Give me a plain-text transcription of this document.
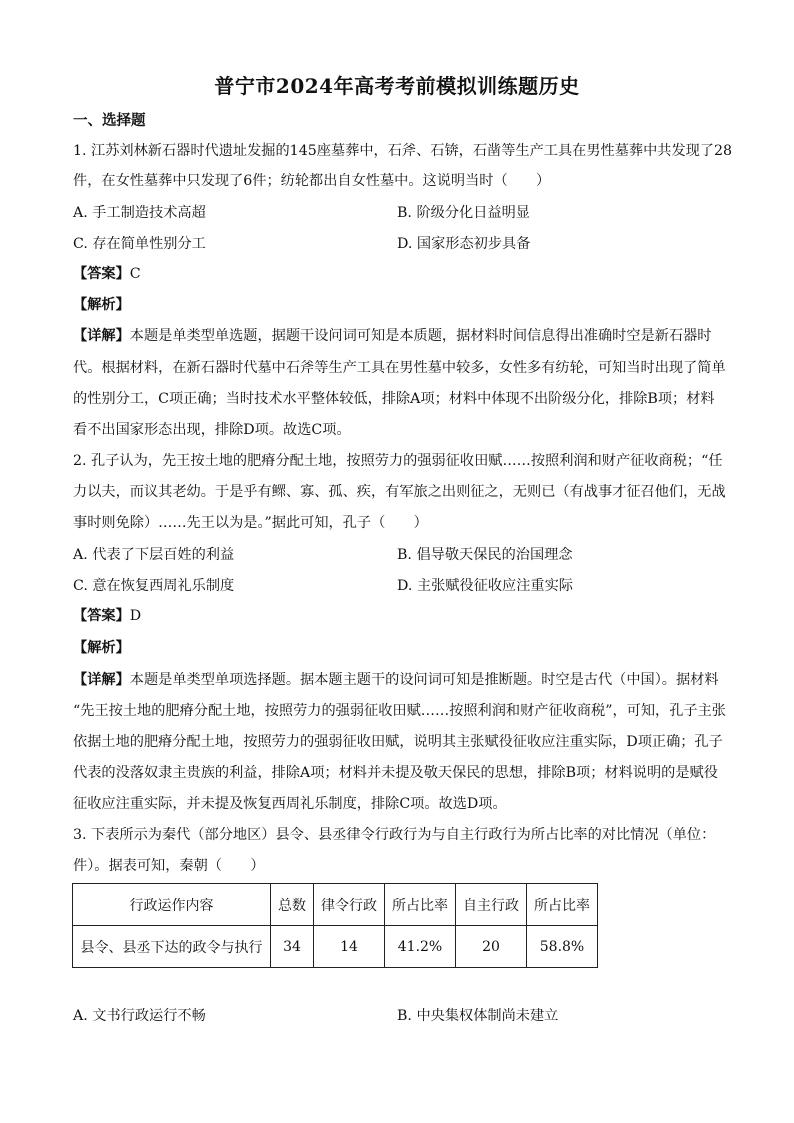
普宁市2024年高考考前模拟训练题历史
一、选择题
1. 江苏刘林新石器时代遗址发掘的145座墓葬中，石斧、石锛，石凿等生产工具在男性墓葬中共发现了28
件，在女性墓葬中只发现了6件；纺轮都出自女性墓中。这说明当时（　　）
A. 手工制造技术高超	B. 阶级分化日益明显
C. 存在简单性别分工	D. 国家形态初步具备
【答案】C
【解析】
【详解】本题是单类型单选题，据题干设问词可知是本质题，据材料时间信息得出准确时空是新石器时
代。根据材料，在新石器时代墓中石斧等生产工具在男性墓中较多，女性多有纺轮，可知当时出现了简单
的性别分工，C项正确；当时技术水平整体较低，排除A项；材料中体现不出阶级分化，排除B项；材料
看不出国家形态出现，排除D项。故选C项。
2. 孔子认为，先王按土地的肥瘠分配土地，按照劳力的强弱征收田赋……按照利润和财产征收商税；“任
力以夫，而议其老幼。于是乎有鳏、寡、孤、疾，有军旅之出则征之，无则已（有战事才征召他们，无战
事时则免除）……先王以为是。”据此可知，孔子（　　）
A. 代表了下层百姓的利益	B. 倡导敬天保民的治国理念
C. 意在恢复西周礼乐制度	D. 主张赋役征收应注重实际
【答案】D
【解析】
【详解】本题是单类型单项选择题。据本题主题干的设问词可知是推断题。时空是古代（中国）。据材料
“先王按土地的肥瘠分配土地，按照劳力的强弱征收田赋……按照利润和财产征收商税”，可知，孔子主张
依据土地的肥瘠分配土地，按照劳力的强弱征收田赋，说明其主张赋役征收应注重实际，D项正确；孔子
代表的没落奴隶主贵族的利益，排除A项；材料并未提及敬天保民的思想，排除B项；材料说明的是赋役
征收应注重实际，并未提及恢复西周礼乐制度，排除C项。故选D项。
3. 下表所示为秦代（部分地区）县令、县丞律令行政行为与自主行政行为所占比率的对比情况（单位：
件）。据表可知，秦朝（　　）
行政运作内容	总数	律令行政	所占比率	自主行政	所占比率
县令、县丞下达的政令与执行	34	14	41.2%	20	58.8%
A. 文书行政运行不畅	B. 中央集权体制尚未建立
